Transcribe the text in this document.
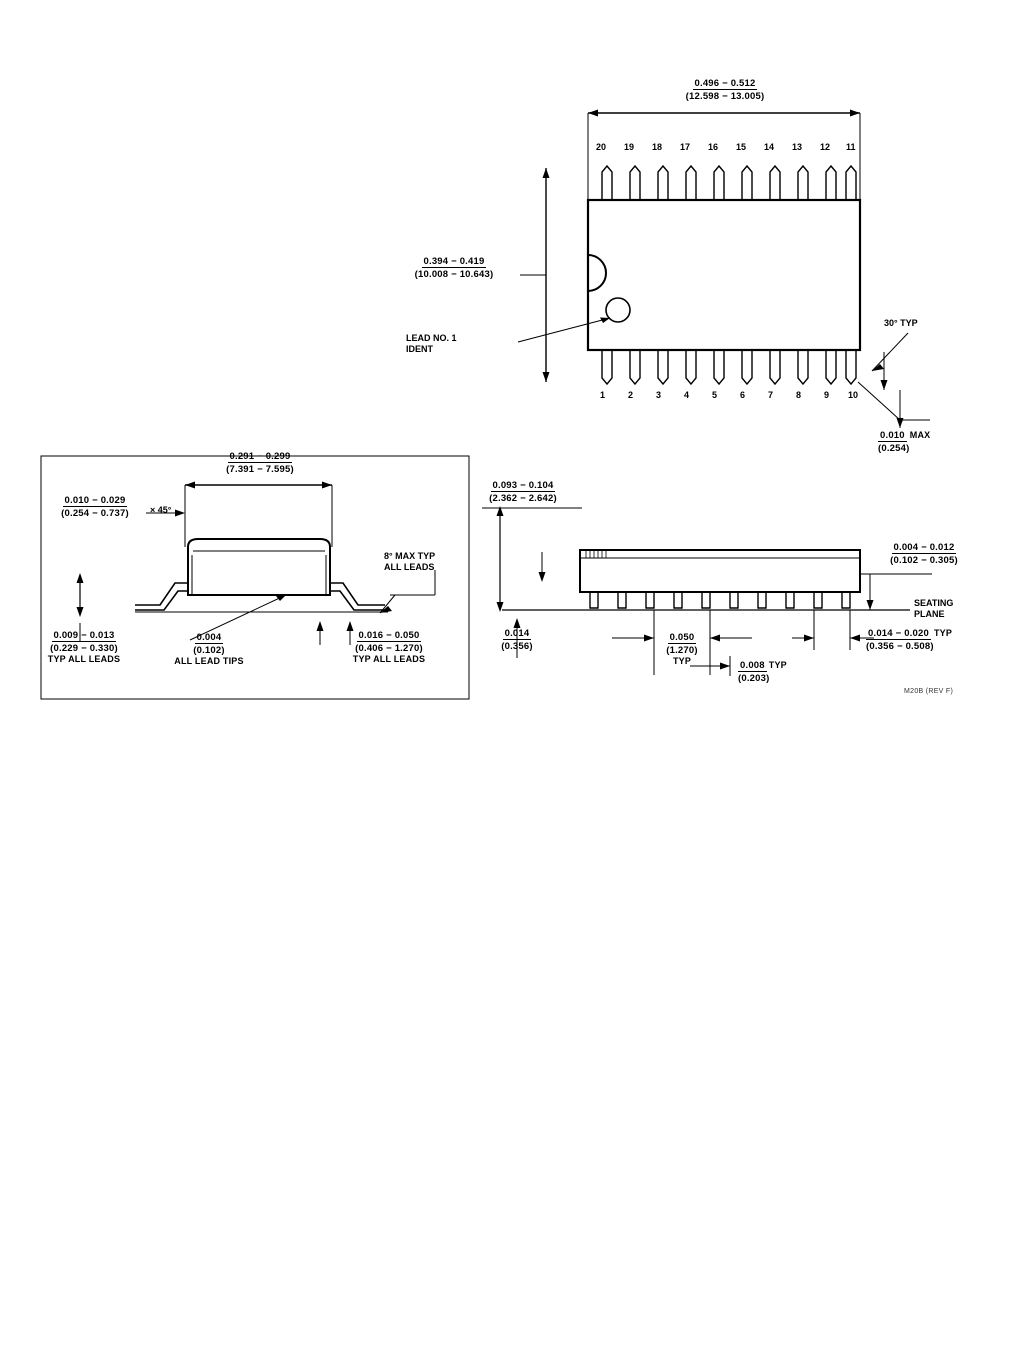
0.496 − 0.512
(12.598 − 13.005)
0.394 − 0.419
(10.008 − 10.643)
LEAD NO. 1
IDENT
30° TYP
0.010 MAX
(0.254)
20 19 18 17 16 15 14 13 12 11
1	2	3	4	5	6	7	8	9 10
0.291 − 0.299
(7.391 − 7.595)
0.010 − 0.029
(0.254 − 0.737)	× 45°
8° MAX TYP
ALL LEADS
0.009 − 0.013
(0.229 − 0.330)
TYP ALL LEADS
0.004
(0.102)
ALL LEAD TIPS
0.016 − 0.050
(0.406 − 1.270)
TYP ALL LEADS
0.093 − 0.104
(2.362 − 2.642)
0.004 − 0.012
(0.102 − 0.305)
SEATING
PLANE
0.014
(0.356)
0.050
(1.270)
TYP
0.014 − 0.020 TYP
(0.356 − 0.508)
0.008 TYP
(0.203)
M20B (REV F)
